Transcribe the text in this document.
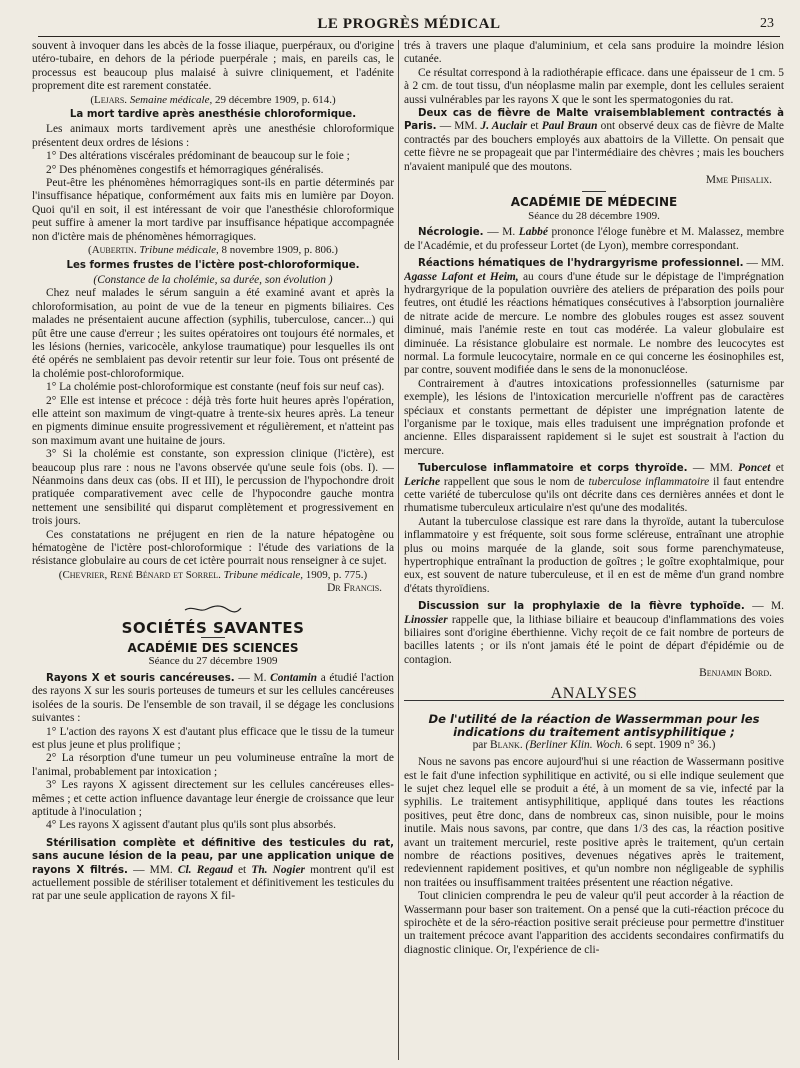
LE PROGRÈS MÉDICAL	23

souvent à invoquer dans les abcès de la fosse iliaque, puerpéraux, ou d'origine utéro-tubaire, en dehors de la période puerpérale ; mais, en pareils cas, le processus est beaucoup plus malaisé à suivre cliniquement, et l'adénite proprement dite est rarement constatée.

(Lejars. Semaine médicale, 29 décembre 1909, p. 614.)

La mort tardive après anesthésie chloroformique.

Les animaux morts tardivement après une anesthésie chloroformique présentent deux ordres de lésions :

1° Des altérations viscérales prédominant de beaucoup sur le foie ;

2° Des phénomènes congestifs et hémorragiques généralisés.

Peut-être les phénomènes hémorragiques sont-ils en partie déterminés par l'insuffisance hépatique, conformément aux faits mis en lumière par Doyon. Quoi qu'il en soit, il est intéressant de voir que l'anesthésie chloroformique peut suffire à amener la mort tardive par insuffisance hépatique accompagnée non d'ictère mais de phénomènes hémorragiques.

(Aubertin. Tribune médicale, 8 novembre 1909, p. 806.)

Les formes frustes de l'ictère post-chloroformique.

(Constance de la cholémie, sa durée, son évolution )

Chez neuf malades le sérum sanguin a été examiné avant et après la chloroformisation, au point de vue de la teneur en pigments biliaires. Ces malades ne présentaient aucune affection (syphilis, tuberculose, cancer...) qui pût être une cause d'erreur ; les suites opératoires ont toujours été normales, et les lésions (hernies, varicocèle, ankylose traumatique) pour lesquelles ils ont été opérés ne semblaient pas devoir retentir sur leur foie. Tous ont présenté de la cholémie post-chloroformique.

1° La cholémie post-chloroformique est constante (neuf fois sur neuf cas).

2° Elle est intense et précoce : déjà très forte huit heures après l'opération, elle atteint son maximum de vingt-quatre à trente-six heures après. La teneur en pigments diminue ensuite progressivement et régulièrement, et n'atteint pas son maximum avant une huitaine de jours.

3° Si la cholémie est constante, son expression clinique (l'ictère), est beaucoup plus rare : nous ne l'avons observée qu'une seule fois (obs. I). — Néanmoins dans deux cas (obs. II et III), le percussion de l'hypochondre droit pratiquée comparativement avec celle de l'hypocondre gauche montra nettement une sensibilité qui disparut complètement et progressivement en trois jours.

Ces constatations ne préjugent en rien de la nature hépatogène ou hématogène de l'ictère post-chloroformique : l'étude des variations de la résistance globulaire au cours de cet ictère pourrait nous renseigner à ce sujet.

(Chevrier, René Bénard et Sorrel. Tribune médicale, 1909, p. 775.)

Dr Francis.

SOCIÉTÉS SAVANTES

ACADÉMIE DES SCIENCES

Séance du 27 décembre 1909

Rayons X et souris cancéreuses. — M. Contamin a étudié l'action des rayons X sur les souris porteuses de tumeurs et sur les cellules cancéreuses isolées de la souris. De l'ensemble de son travail, il se dégage les conclusions suivantes :

1° L'action des rayons X est d'autant plus efficace que le tissu de la tumeur est plus jeune et plus prolifique ;

2° La résorption d'une tumeur un peu volumineuse entraîne la mort de l'animal, probablement par intoxication ;

3° Les rayons X agissent directement sur les cellules cancéreuses elles-mêmes ; et cette action influence davantage leur énergie de croissance que leur aptitude à l'inoculation ;

4° Les rayons X agissent d'autant plus qu'ils sont plus absorbés.

Stérilisation complète et définitive des testicules du rat, sans aucune lésion de la peau, par une application unique de rayons X filtrés. — MM. Cl. Regaud et Th. Nogier montrent qu'il est actuellement possible de stériliser totalement et définitivement les testicules du rat par une seule application de rayons X fil-

trés à travers une plaque d'aluminium, et cela sans produire la moindre lésion cutanée.

Ce résultat correspond à la radiothérapie efficace. dans une épaisseur de 1 cm. 5 à 2 cm. de tout tissu, d'un néoplasme malin par exemple, dont les cellules seraient aussi vulnérables par les rayons X que le sont les spermatogonies du rat.

Deux cas de fièvre de Malte vraisemblablement contractés à Paris. — MM. J. Auclair et Paul Braun ont observé deux cas de fièvre de Malte contractés par des bouchers employés aux abattoirs de la Villette. On pensait que cette fièvre ne se propageait que par l'intermédiaire des chèvres ; mais les bouchers n'avaient manipulé que des moutons.

Mme Phisalix.

ACADÉMIE DE MÉDECINE

Séance du 28 décembre 1909.

Nécrologie. — M. Labbé prononce l'éloge funèbre et M. Malassez, membre de l'Académie, et du professeur Lortet (de Lyon), membre correspondant.

Réactions hématiques de l'hydrargyrisme professionnel. — MM. Agasse Lafont et Heim, au cours d'une étude sur le dépistage de l'imprégnation hydrargyrique de la population ouvrière des ateliers de préparation des poils pour feutres, ont étudié les réactions hématiques consécutives à l'absorption journalière de nitrate acide de mercure. Le nombre des globules rouges est assez souvent diminué, mais l'anémie reste en tout cas modérée. La valeur globulaire est diminuée. La résistance globulaire est normale. Le nombre des leucocytes est normal. La formule leucocytaire, normale en ce qui concerne les éosinophiles est, par contre, souvent modifiée dans le sens de la mononucléose.

Contrairement à d'autres intoxications professionnelles (saturnisme par exemple), les lésions de l'intoxication mercurielle n'offrent pas de caractères spéciaux et constants permettant de dépister une imprégnation latente de l'organisme par le toxique, mais elles traduisent une imprégnation profonde et ancienne. Elles disparaissent rapidement si le sujet est soustrait à l'action du mercure.

Tuberculose inflammatoire et corps thyroïde. — MM. Poncet et Leriche rappellent que sous le nom de tuberculose inflammatoire il faut entendre cette variété de tuberculose qu'ils ont décrite dans ces dernières années et dont le rhumatisme tuberculeux articulaire n'est qu'une des modalités.

Autant la tuberculose classique est rare dans la thyroïde, autant la tuberculose inflammatoire y est fréquente, soit sous forme scléreuse, entraînant une atrophie plus ou moins marquée de la glande, soit sous forme parenchymateuse, hypertrophique entraînant la production de goîtres ; le goître exophtalmique, pour eux, est souvent de nature tuberculeuse, et il en est de même d'un grand nombre d'états thyroïdiens.

Discussion sur la prophylaxie de la fièvre typhoïde. — M. Linossier rappelle que, la lithiase biliaire et beaucoup d'inflammations des voies biliaires sont d'origine éberthienne. Vichy reçoit de ce fait nombre de porteurs de bacilles latents ; or ils n'ont jamais été le point de départ d'épidémie ou de contagion.

Benjamin Bord.

ANALYSES

De l'utilité de la réaction de Wassermman pour les indications du traitement antisyphilitique ;

par Blank. (Berliner Klin. Woch. 6 sept. 1909 n° 36.)

Nous ne savons pas encore aujourd'hui si une réaction de Wassermann positive est le fait d'une infection syphilitique en activité, ou si elle indique seulement que le sujet chez lequel elle se produit a été, à un moment de sa vie, infecté par la syphilis. Le traitement antisyphilitique, appliqué dans toutes les réactions positives, peut être donc, dans de nombreux cas, sinon nuisible, pour le moins inutile. Mais nous savons, par contre, que dans 1/3 des cas, la réaction positive avant un traitement mercuriel, reste positive après le traitement, qu'un certain nombre de réactions positives, devenues négatives après le traitement, redeviennent rapidement positives, et qu'un nombre non négligeable de syphilis non traitées ou insuffisamment traitées présentent une réaction négative.

Tout clinicien comprendra le peu de valeur qu'il peut accorder à la réaction de Wassermann pour baser son traitement. On a pensé que la cuti-réaction précoce du spirochète et de la séro-réaction positive serait précieuse pour permettre d'instituer un traitement précoce avant l'apparition des accidents secondaires confirmatifs du diagnostic clinique. Or, l'expérience de cli-
